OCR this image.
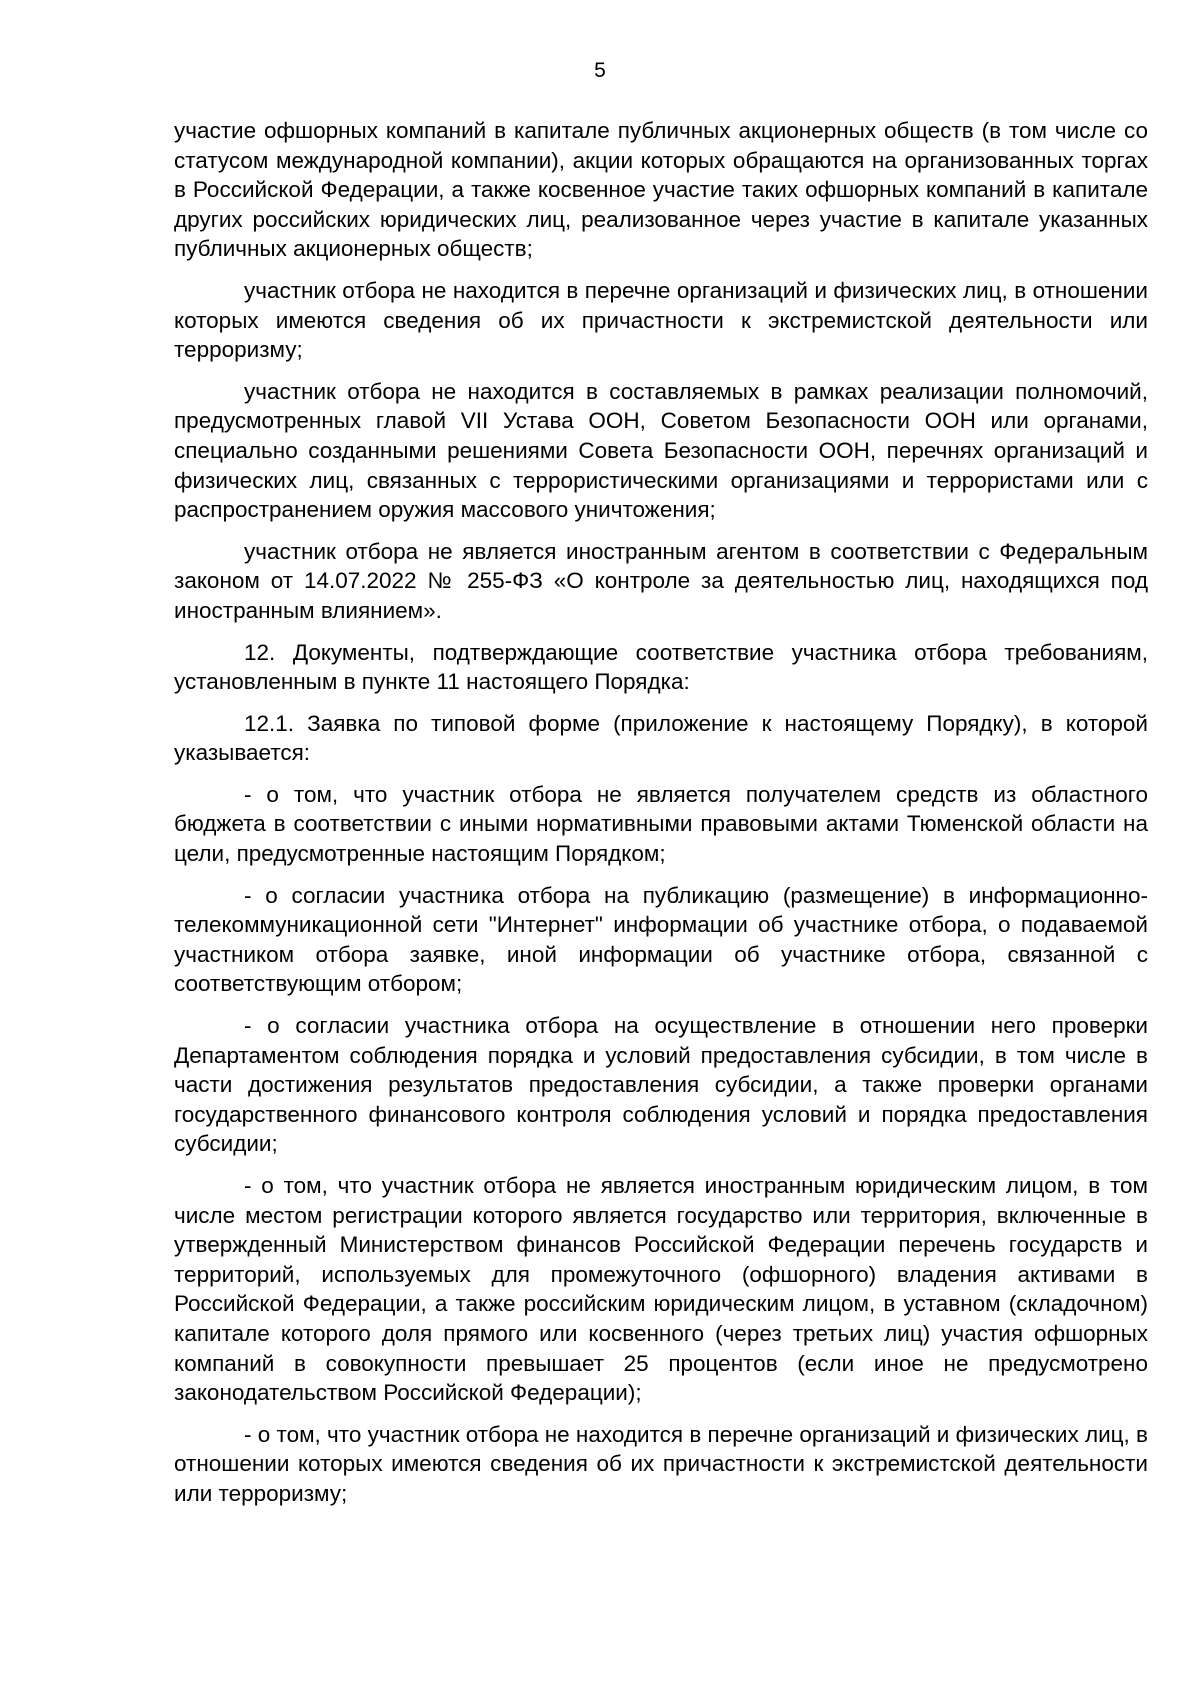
5

участие офшорных компаний в капитале публичных акционерных обществ (в том числе со статусом международной компании), акции которых обращаются на организованных торгах в Российской Федерации, а также косвенное участие таких офшорных компаний в капитале других российских юридических лиц, реализованное через участие в капитале указанных публичных акционерных обществ;

участник отбора не находится в перечне организаций и физических лиц, в отношении которых имеются сведения об их причастности к экстремистской деятельности или терроризму;

участник отбора не находится в составляемых в рамках реализации полномочий, предусмотренных главой VII Устава ООН, Советом Безопасности ООН или органами, специально созданными решениями Совета Безопасности ООН, перечнях организаций и физических лиц, связанных с террористическими организациями и террористами или с распространением оружия массового уничтожения;

участник отбора не является иностранным агентом в соответствии с Федеральным законом от 14.07.2022 № 255-ФЗ «О контроле за деятельностью лиц, находящихся под иностранным влиянием».

12. Документы, подтверждающие соответствие участника отбора требованиям, установленным в пункте 11 настоящего Порядка:

12.1. Заявка по типовой форме (приложение к настоящему Порядку), в которой указывается:

- о том, что участник отбора не является получателем средств из областного бюджета в соответствии с иными нормативными правовыми актами Тюменской области на цели, предусмотренные настоящим Порядком;

- о согласии участника отбора на публикацию (размещение) в информационно-телекоммуникационной сети "Интернет" информации об участнике отбора, о подаваемой участником отбора заявке, иной информации об участнике отбора, связанной с соответствующим отбором;

- о согласии участника отбора на осуществление в отношении него проверки Департаментом соблюдения порядка и условий предоставления субсидии, в том числе в части достижения результатов предоставления субсидии, а также проверки органами государственного финансового контроля соблюдения условий и порядка предоставления субсидии;

- о том, что участник отбора не является иностранным юридическим лицом, в том числе местом регистрации которого является государство или территория, включенные в утвержденный Министерством финансов Российской Федерации перечень государств и территорий, используемых для промежуточного (офшорного) владения активами в Российской Федерации, а также российским юридическим лицом, в уставном (складочном) капитале которого доля прямого или косвенного (через третьих лиц) участия офшорных компаний в совокупности превышает 25 процентов (если иное не предусмотрено законодательством Российской Федерации);

- о том, что участник отбора не находится в перечне организаций и физических лиц, в отношении которых имеются сведения об их причастности к экстремистской деятельности или терроризму;
